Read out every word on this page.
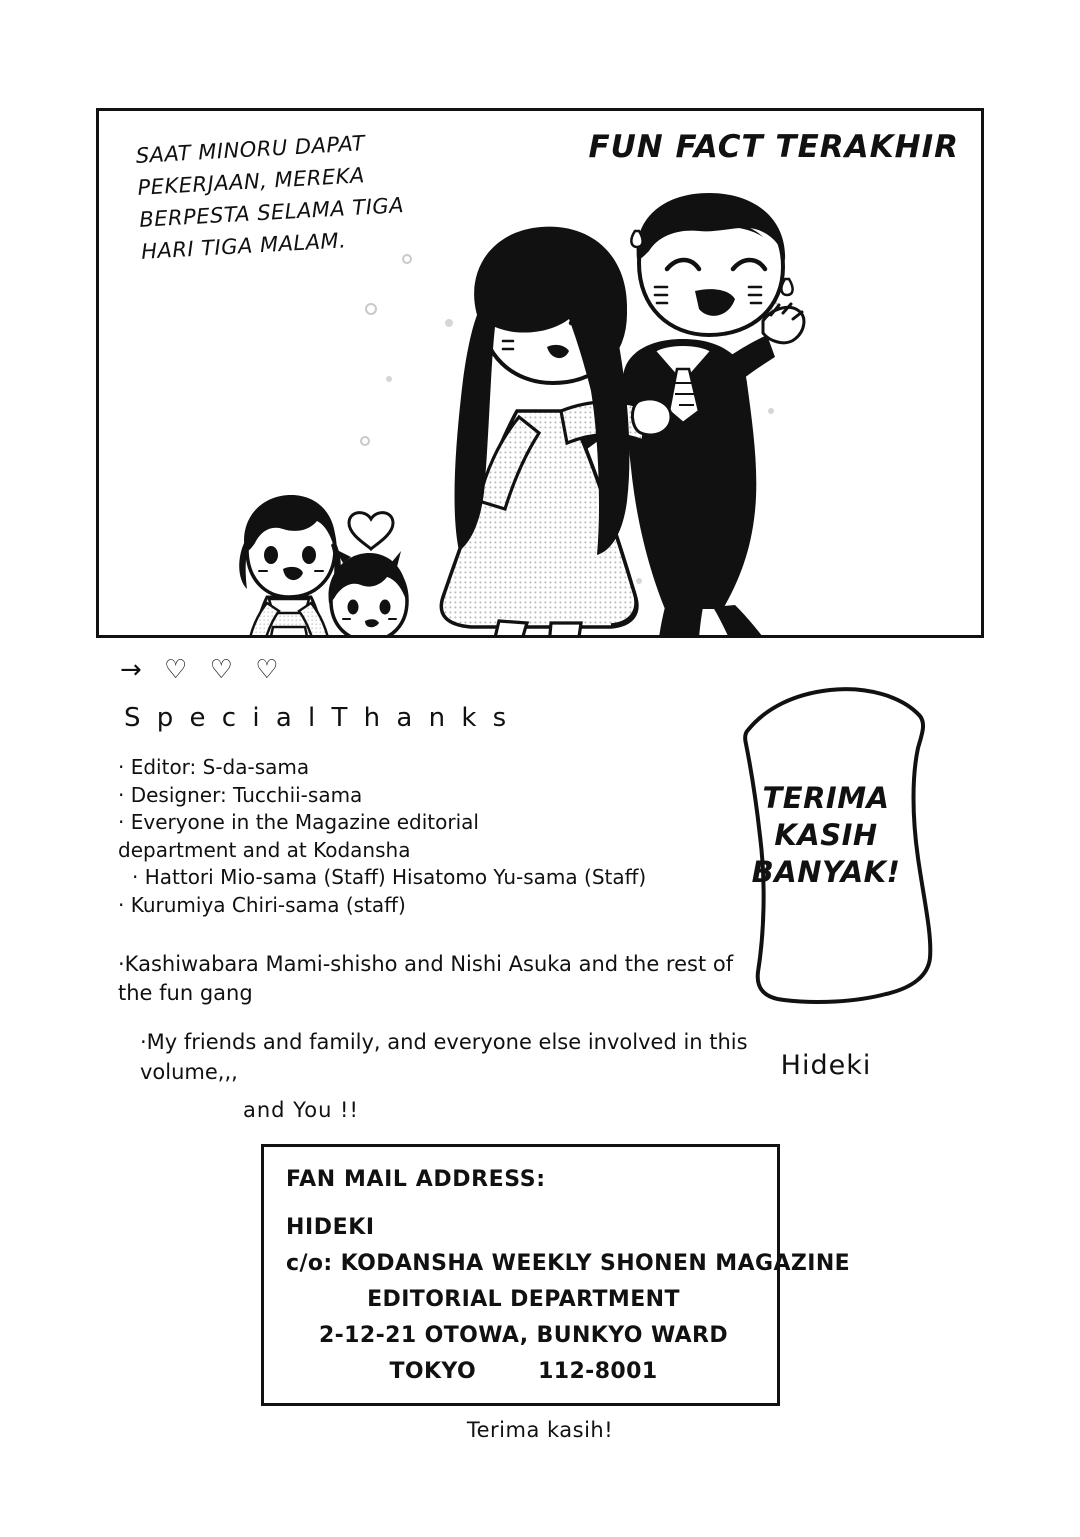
SAAT MINORU DAPAT PEKERJAAN, MEREKA BERPESTA SELAMA TIGA HARI TIGA MALAM.
FUN FACT TERAKHIR
→ ♡ ♡ ♡
S p e c i a l T h a n k s
· Editor: S-da-sama
· Designer: Tucchii-sama
· Everyone in the Magazine editorial
department and at Kodansha
· Hattori Mio-sama (Staff) Hisatomo Yu-sama (Staff)
· Kurumiya Chiri-sama (staff)
·Kashiwabara Mami-shisho and Nishi Asuka and the rest of the fun gang
·My friends and family, and everyone else involved in this volume,,,
and You !!
TERIMA
KASIH
BANYAK!
Hideki
FAN MAIL ADDRESS:
HIDEKI
c/o: KODANSHA WEEKLY SHONEN MAGAZINE
EDITORIAL DEPARTMENT
2-12-21 OTOWA, BUNKYO WARD
TOKYO	112-8001
Terima kasih!
